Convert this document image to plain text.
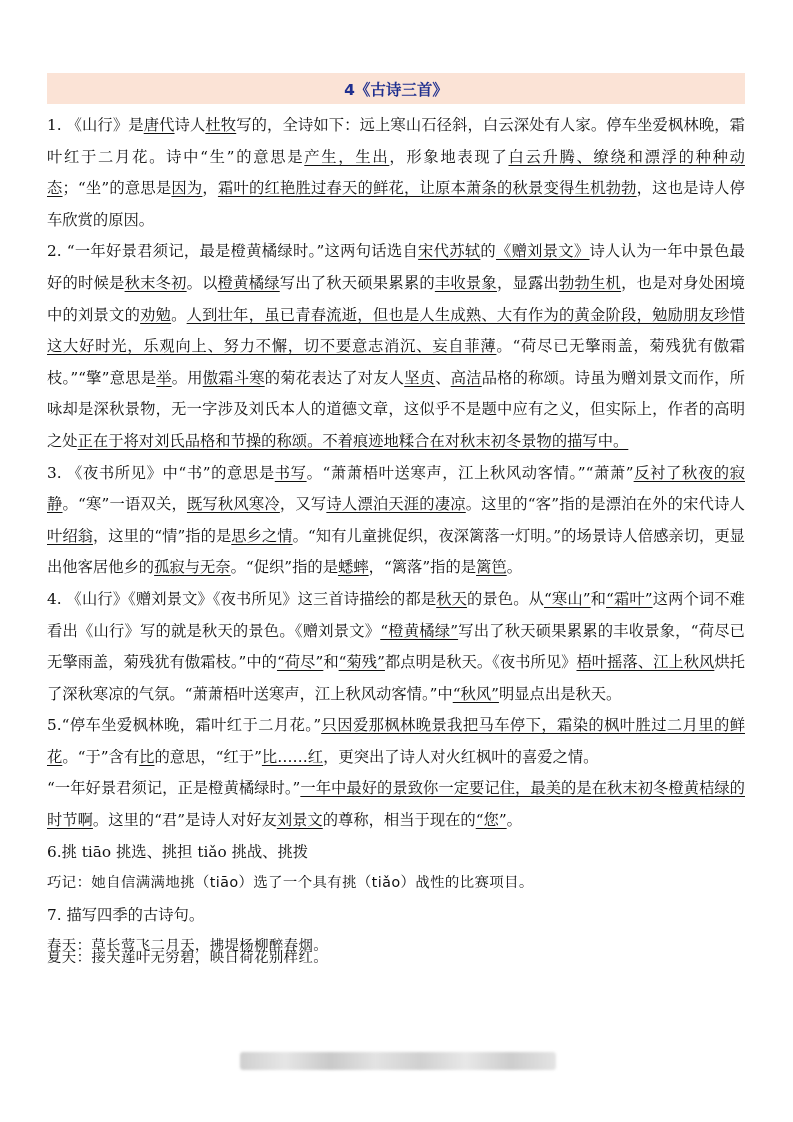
4《古诗三首》
1. 《山行》是唐代诗人杜牧写的，全诗如下：远上寒山石径斜，白云深处有人家。停车坐爱枫林晚，霜叶红于二月花。诗中“生”的意思是产生，生出，形象地表现了白云升腾、缭绕和漂浮的种种动态；“坐”的意思是因为，霜叶的红艳胜过春天的鲜花，让原本萧条的秋景变得生机勃勃，这也是诗人停车欣赏的原因。
2. “一年好景君须记，最是橙黄橘绿时。”这两句话选自宋代苏轼的《赠刘景文》诗人认为一年中景色最好的时候是秋末冬初。以橙黄橘绿写出了秋天硕果累累的丰收景象，显露出勃勃生机，也是对身处困境中的刘景文的劝勉。人到壮年，虽已青春流逝，但也是人生成熟、大有作为的黄金阶段，勉励朋友珍惜这大好时光，乐观向上、努力不懈，切不要意志消沉、妄自菲薄。“荷尽已无擎雨盖，菊残犹有傲霜枝。”“擎”意思是举。用傲霜斗寒的菊花表达了对友人坚贞、高洁品格的称颂。诗虽为赠刘景文而作，所咏却是深秋景物，无一字涉及刘氏本人的道德文章，这似乎不是题中应有之义，但实际上，作者的高明之处正在于将对刘氏品格和节操的称颂。不着痕迹地糅合在对秋末初冬景物的描写中。
3. 《夜书所见》中“书”的意思是书写。“萧萧梧叶送寒声，江上秋风动客情。”“萧萧”反衬了秋夜的寂静。“寒”一语双关，既写秋风寒冷，又写诗人漂泊天涯的凄凉。这里的“客”指的是漂泊在外的宋代诗人叶绍翁，这里的“情”指的是思乡之情。“知有儿童挑促织，夜深篱落一灯明。”的场景诗人倍感亲切，更显出他客居他乡的孤寂与无奈。“促织”指的是蟋蟀，“篱落”指的是篱笆。
4. 《山行》《赠刘景文》《夜书所见》这三首诗描绘的都是秋天的景色。从“寒山”和“霜叶”这两个词不难看出《山行》写的就是秋天的景色。《赠刘景文》“橙黄橘绿”写出了秋天硕果累累的丰收景象，“荷尽已无擎雨盖，菊残犹有傲霜枝。”中的“荷尽”和“菊残”都点明是秋天。《夜书所见》梧叶摇落、江上秋风烘托了深秋寒凉的气氛。“萧萧梧叶送寒声，江上秋风动客情。”中“秋风”明显点出是秋天。
5.“停车坐爱枫林晚，霜叶红于二月花。”只因爱那枫林晚景我把马车停下，霜染的枫叶胜过二月里的鲜花。“于”含有比的意思，“红于”比……红，更突出了诗人对火红枫叶的喜爱之情。
“一年好景君须记，正是橙黄橘绿时。”一年中最好的景致你一定要记住，最美的是在秋末初冬橙黄桔绿的时节啊。这里的“君”是诗人对好友刘景文的尊称，相当于现在的“您”。
6.挑 tiāo 挑选、挑担 tiǎo 挑战、挑拨
巧记：她自信满满地挑（tiāo）选了一个具有挑（tiǎo）战性的比赛项目。
7. 描写四季的古诗句。
春天：草长莺飞二月天，拂堤杨柳醉春烟。
夏天：接天莲叶无穷碧，映日荷花别样红。
